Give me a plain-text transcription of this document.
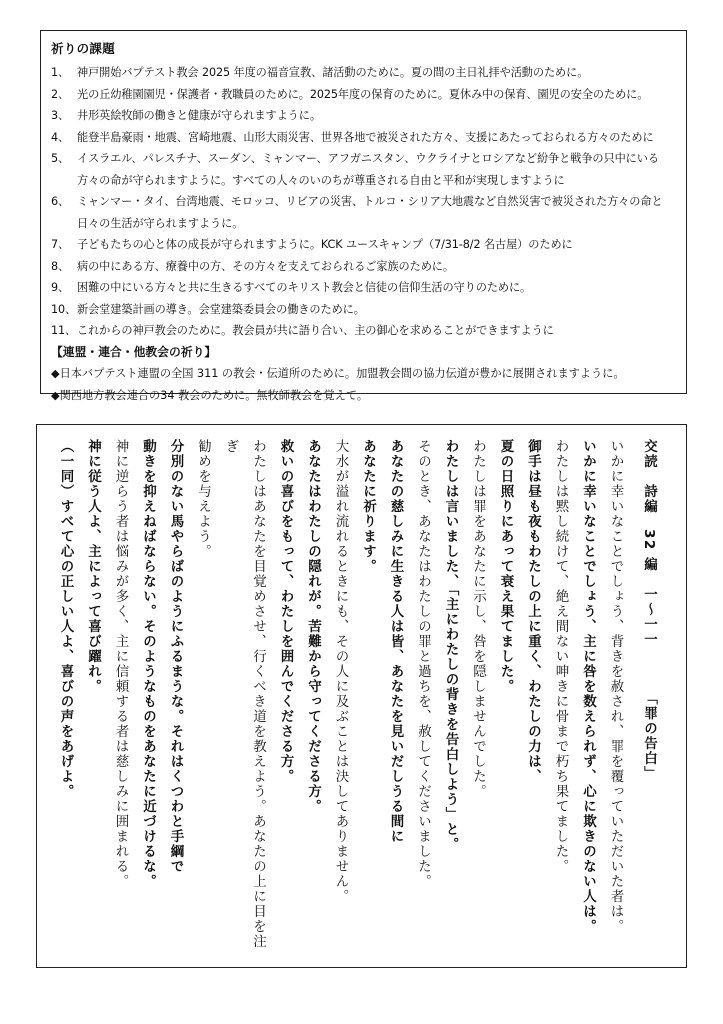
祈りの課題
1、 神戸開始バプテスト教会 2025 年度の福音宣教、諸活動のために。夏の間の主日礼拝や活動のために。
2、 光の丘幼稚園園児・保護者・教職員のために。2025年度の保育のために。夏休み中の保育、園児の安全のために。
3、 井形英絵牧師の働きと健康が守られますように。
4、 能登半島豪雨・地震、宮崎地震、山形大雨災害、世界各地で被災された方々、支援にあたっておられる方々のために
5、 イスラエル、パレスチナ、スーダン、ミャンマー、アフガニスタン、ウクライナとロシアなど紛争と戦争の只中にいる方々の命が守られますように。すべての人々のいのちが尊重される自由と平和が実現しますように
6、 ミャンマー・タイ、台湾地震、モロッコ、リビアの災害、トルコ・シリア大地震など自然災害で被災された方々の命と日々の生活が守られますように。
7、 子どもたちの心と体の成長が守られますように。KCK ユースキャンプ（7/31-8/2 名古屋）のために
8、 病の中にある方、療養中の方、その方々を支えておられるご家族のために。
9、 困難の中にいる方々と共に生きるすべてのキリスト教会と信徒の信仰生活の守りのために。
10、 新会堂建築計画の導き。会堂建築委員会の働きのために。
11、 これからの神戸教会のために。教会員が共に語り合い、主の御心を求めることができますように
【連盟・連合・他教会の祈り】
◆日本バプテスト連盟の全国 311 の教会・伝道所のために。加盟教会間の協力伝道が豊かに展開されますように。
◆関西地方教会連合の34 教会のために。無牧師教会を覚えて。

交読　詩編　32 編　一～一一「罪の告白」

いかに幸いなことでしょう、背きを赦され、罪を覆っていただいた者は。

いかに幸いなことでしょう、主に咎を数えられず、心に欺きのない人は。

わたしは黙し続けて、絶え間ない呻きに骨まで朽ち果てました。

御手は昼も夜もわたしの上に重く、わたしの力は、

夏の日照りにあって衰え果てました。

わたしは罪をあなたに示し、咎を隠しませんでした。

わたしは言いました、「主にわたしの背きを告白しよう」と。

そのとき、あなたはわたしの罪と過ちを、赦してくださいました。

あなたの慈しみに生きる人は皆、あなたを見いだしうる間に

あなたに祈ります。

大水が溢れ流れるときにも、その人に及ぶことは決してありません。

あなたはわたしの隠れが。苦難から守ってくださる方。

救いの喜びをもって、わたしを囲んでくださる方。

わたしはあなたを目覚めさせ、行くべき道を教えよう。あなたの上に目を注ぎ

勧めを与えよう。

分別のない馬やらばのようにふるまうな。それはくつわと手綱で

動きを抑えねばならない。そのようなものをあなたに近づけるな。

神に逆らう者は悩みが多く、主に信頼する者は慈しみに囲まれる。

神に従う人よ、主によって喜び躍れ。

（一同）すべて心の正しい人よ、喜びの声をあげよ。
